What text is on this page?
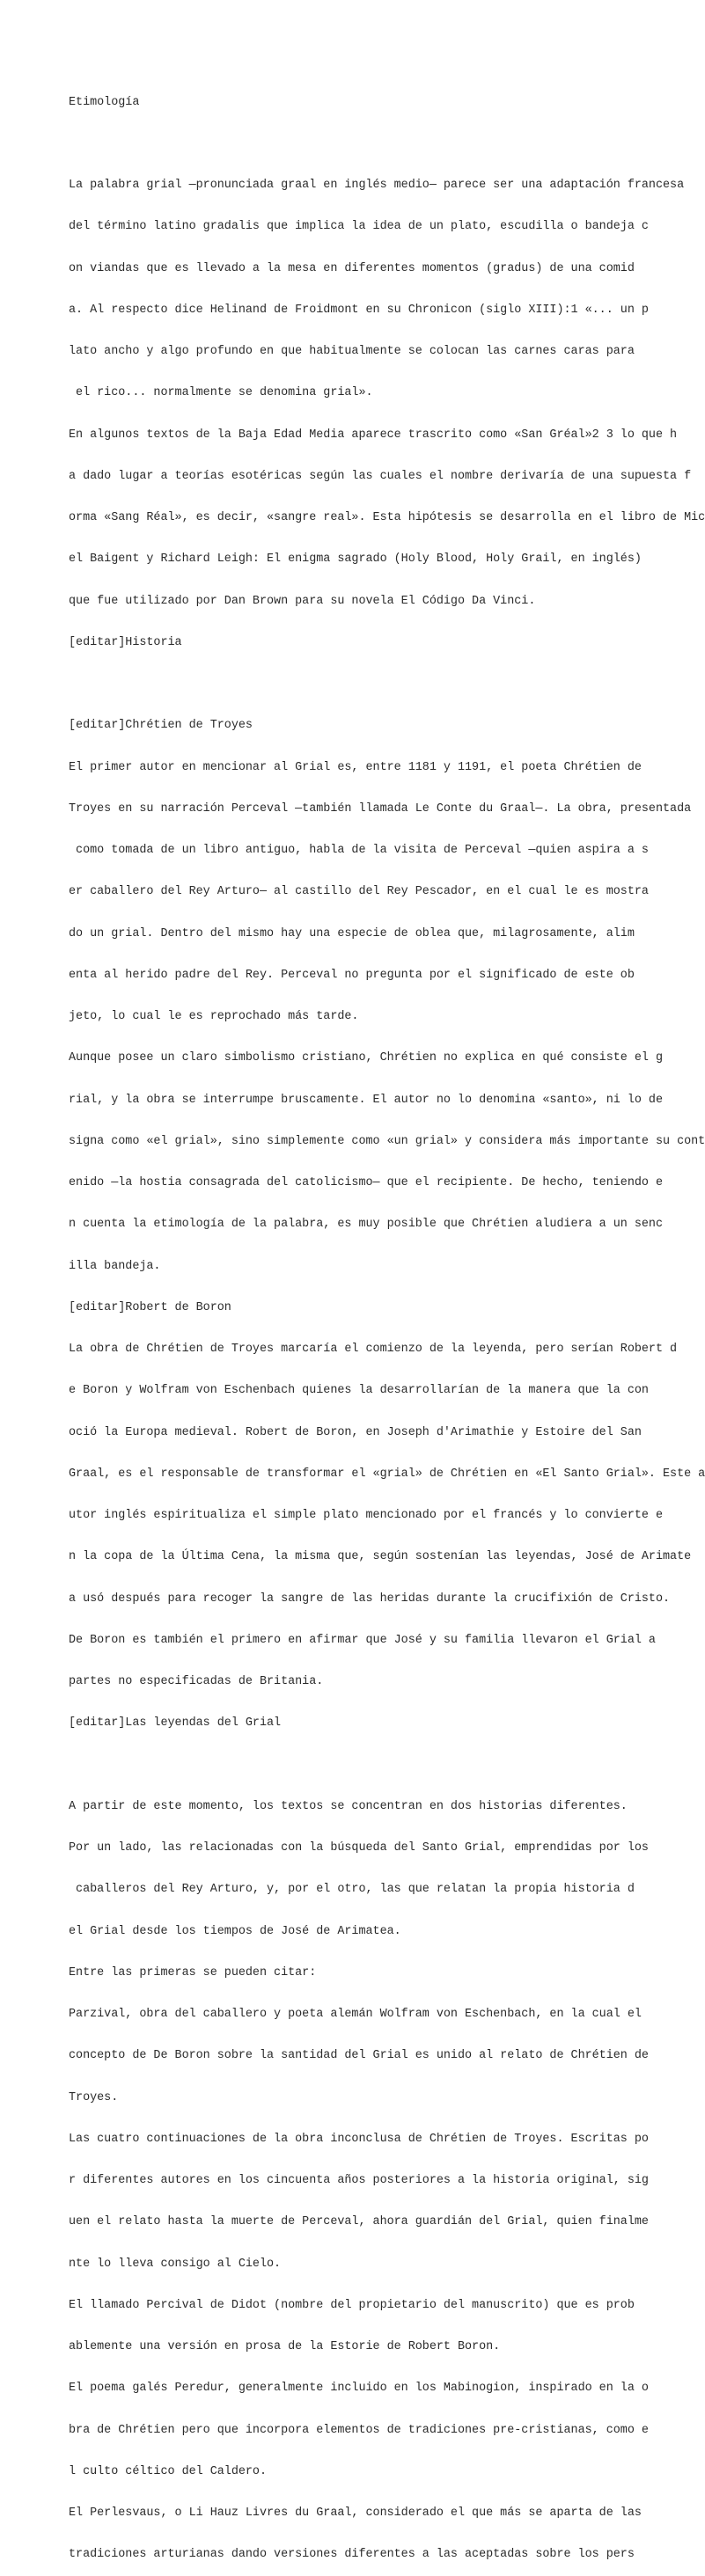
Etimología

La palabra grial —pronunciada graal en inglés medio— parece ser una adaptación francesa

del término latino gradalis que implica la idea de un plato, escudilla o bandeja c

on viandas que es llevado a la mesa en diferentes momentos (gradus) de una comid

a. Al respecto dice Helinand de Froidmont en su Chronicon (siglo XIII):1 «... un p

lato ancho y algo profundo en que habitualmente se colocan las carnes caras para

el rico... normalmente se denomina grial».

En algunos textos de la Baja Edad Media aparece trascrito como «San Gréal»2 3 lo que h

a dado lugar a teorías esotéricas según las cuales el nombre derivaría de una supuesta f

orma «Sang Réal», es decir, «sangre real». Esta hipótesis se desarrolla en el libro de Mic

el Baigent y Richard Leigh: El enigma sagrado (Holy Blood, Holy Grail, en inglés)

que fue utilizado por Dan Brown para su novela El Código Da Vinci.

[editar]Historia

[editar]Chrétien de Troyes

El primer autor en mencionar al Grial es, entre 1181 y 1191, el poeta Chrétien de

Troyes en su narración Perceval —también llamada Le Conte du Graal—. La obra, presentada

como tomada de un libro antiguo, habla de la visita de Perceval —quien aspira a s

er caballero del Rey Arturo— al castillo del Rey Pescador, en el cual le es mostra

do un grial. Dentro del mismo hay una especie de oblea que, milagrosamente, alim

enta al herido padre del Rey. Perceval no pregunta por el significado de este ob

jeto, lo cual le es reprochado más tarde.

Aunque posee un claro simbolismo cristiano, Chrétien no explica en qué consiste el g

rial, y la obra se interrumpe bruscamente. El autor no lo denomina «santo», ni lo de

signa como «el grial», sino simplemente como «un grial» y considera más importante su cont

enido —la hostia consagrada del catolicismo— que el recipiente. De hecho, teniendo e

n cuenta la etimología de la palabra, es muy posible que Chrétien aludiera a un senc

illa bandeja.

[editar]Robert de Boron

La obra de Chrétien de Troyes marcaría el comienzo de la leyenda, pero serían Robert d

e Boron y Wolfram von Eschenbach quienes la desarrollarían de la manera que la con

oció la Europa medieval. Robert de Boron, en Joseph d'Arimathie y Estoire del San

Graal, es el responsable de transformar el «grial» de Chrétien en «El Santo Grial». Este a

utor inglés espiritualiza el simple plato mencionado por el francés y lo convierte e

n la copa de la Última Cena, la misma que, según sostenían las leyendas, José de Arimate

a usó después para recoger la sangre de las heridas durante la crucifixión de Cristo.

De Boron es también el primero en afirmar que José y su familia llevaron el Grial a

partes no especificadas de Britania.

[editar]Las leyendas del Grial

A partir de este momento, los textos se concentran en dos historias diferentes.

Por un lado, las relacionadas con la búsqueda del Santo Grial, emprendidas por los

caballeros del Rey Arturo, y, por el otro, las que relatan la propia historia d

el Grial desde los tiempos de José de Arimatea.

Entre las primeras se pueden citar:

Parzival, obra del caballero y poeta alemán Wolfram von Eschenbach, en la cual el

concepto de De Boron sobre la santidad del Grial es unido al relato de Chrétien de

Troyes.

Las cuatro continuaciones de la obra inconclusa de Chrétien de Troyes. Escritas po

r diferentes autores en los cincuenta años posteriores a la historia original, sig

uen el relato hasta la muerte de Perceval, ahora guardián del Grial, quien finalme

nte lo lleva consigo al Cielo.

El llamado Percival de Didot (nombre del propietario del manuscrito) que es prob

ablemente una versión en prosa de la Estorie de Robert Boron.

El poema galés Peredur, generalmente incluido en los Mabinogion, inspirado en la o

bra de Chrétien pero que incorpora elementos de tradiciones pre-cristianas, como e

l culto céltico del Caldero.

El Perlesvaus, o Li Hauz Livres du Graal, considerado el que más se aparta de las

tradiciones arturianas dando versiones diferentes a las aceptadas sobre los pers
